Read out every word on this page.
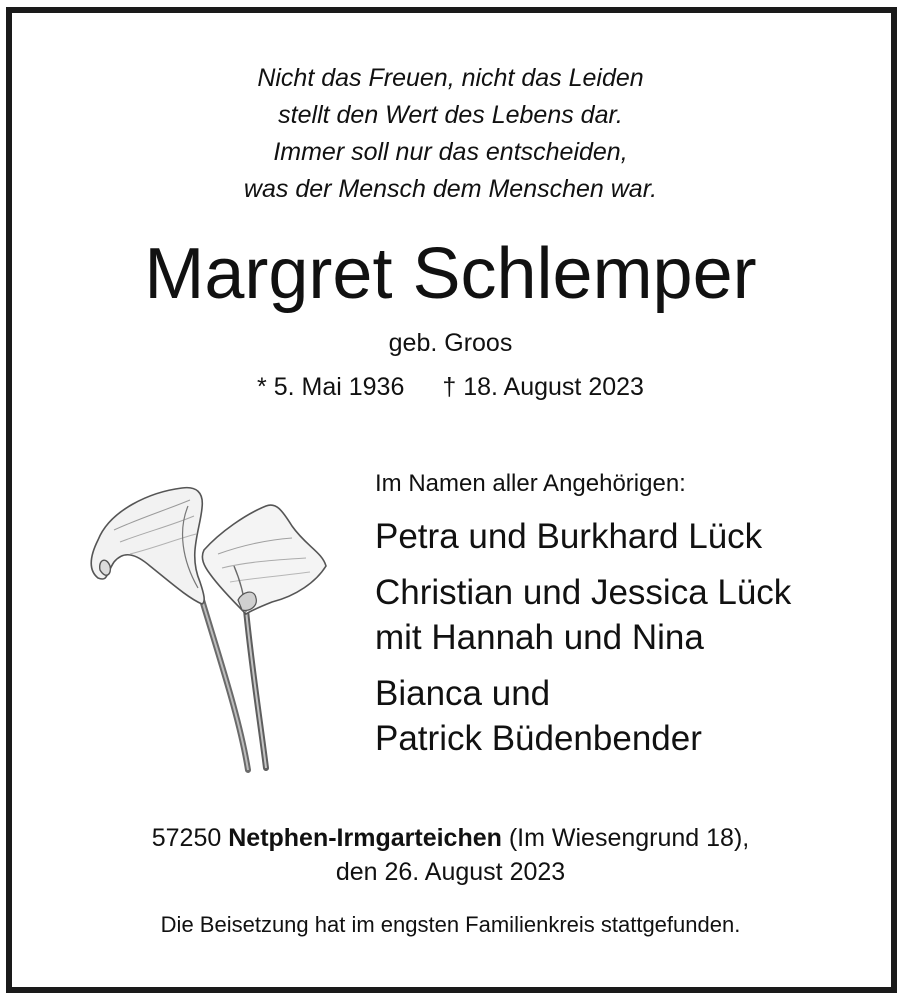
Nicht das Freuen, nicht das Leiden
stellt den Wert des Lebens dar.
Immer soll nur das entscheiden,
was der Mensch dem Menschen war.
Margret Schlemper
geb. Groos
* 5. Mai 1936 † 18. August 2023
Im Namen aller Angehörigen:
Petra und Burkhard Lück
Christian und Jessica Lück
mit Hannah und Nina
Bianca und
Patrick Büdenbender
57250 Netphen-Irmgarteichen (Im Wiesengrund 18),
den 26. August 2023
Die Beisetzung hat im engsten Familienkreis stattgefunden.
